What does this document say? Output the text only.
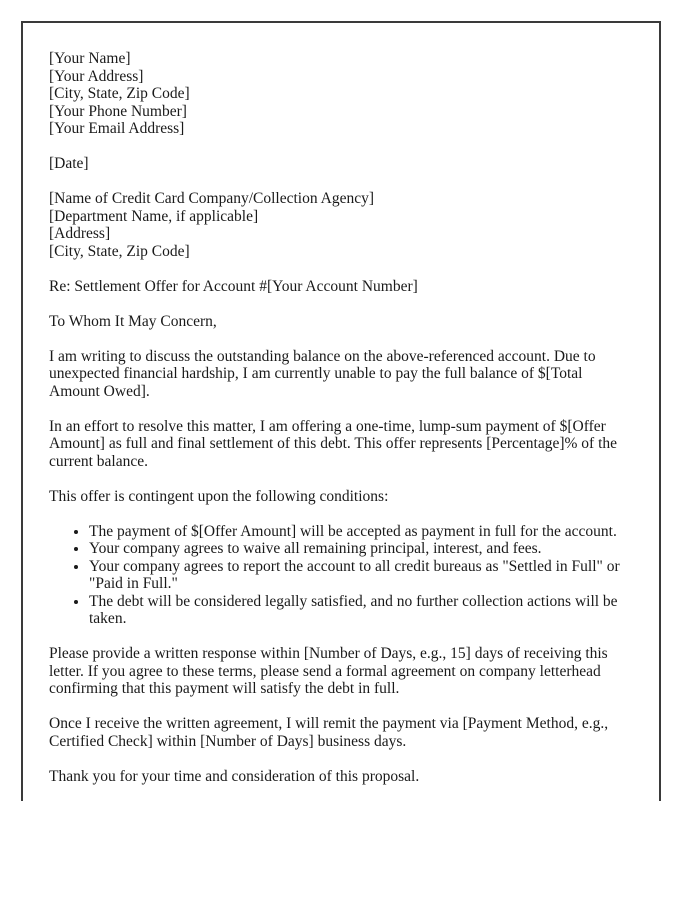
[Your Name]
[Your Address]
[City, State, Zip Code]
[Your Phone Number]
[Your Email Address]

[Date]

[Name of Credit Card Company/Collection Agency]
[Department Name, if applicable]
[Address]
[City, State, Zip Code]

Re: Settlement Offer for Account #[Your Account Number]

To Whom It May Concern,

I am writing to discuss the outstanding balance on the above-referenced account. Due to unexpected financial hardship, I am currently unable to pay the full balance of $[Total Amount Owed].

In an effort to resolve this matter, I am offering a one-time, lump-sum payment of $[Offer Amount] as full and final settlement of this debt. This offer represents [Percentage]% of the current balance.

This offer is contingent upon the following conditions:

• The payment of $[Offer Amount] will be accepted as payment in full for the account.
• Your company agrees to waive all remaining principal, interest, and fees.
• Your company agrees to report the account to all credit bureaus as "Settled in Full" or "Paid in Full."
• The debt will be considered legally satisfied, and no further collection actions will be taken.

Please provide a written response within [Number of Days, e.g., 15] days of receiving this letter. If you agree to these terms, please send a formal agreement on company letterhead confirming that this payment will satisfy the debt in full.

Once I receive the written agreement, I will remit the payment via [Payment Method, e.g., Certified Check] within [Number of Days] business days.

Thank you for your time and consideration of this proposal.
